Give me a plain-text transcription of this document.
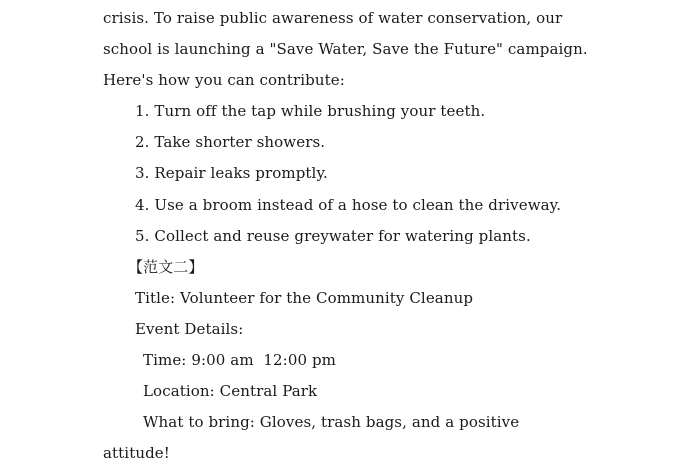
crisis. To raise public awareness of water conservation, our
school is launching a "Save Water, Save the Future" campaign.
Here's how you can contribute:
1. Turn off the tap while brushing your teeth.
2. Take shorter showers.
3. Repair leaks promptly.
4. Use a broom instead of a hose to clean the driveway.
5. Collect and reuse greywater for watering plants.
【范文二】
Title: Volunteer for the Community Cleanup
Event Details:
Time: 9:00 am  12:00 pm
Location: Central Park
What to bring: Gloves, trash bags, and a positive
attitude!
